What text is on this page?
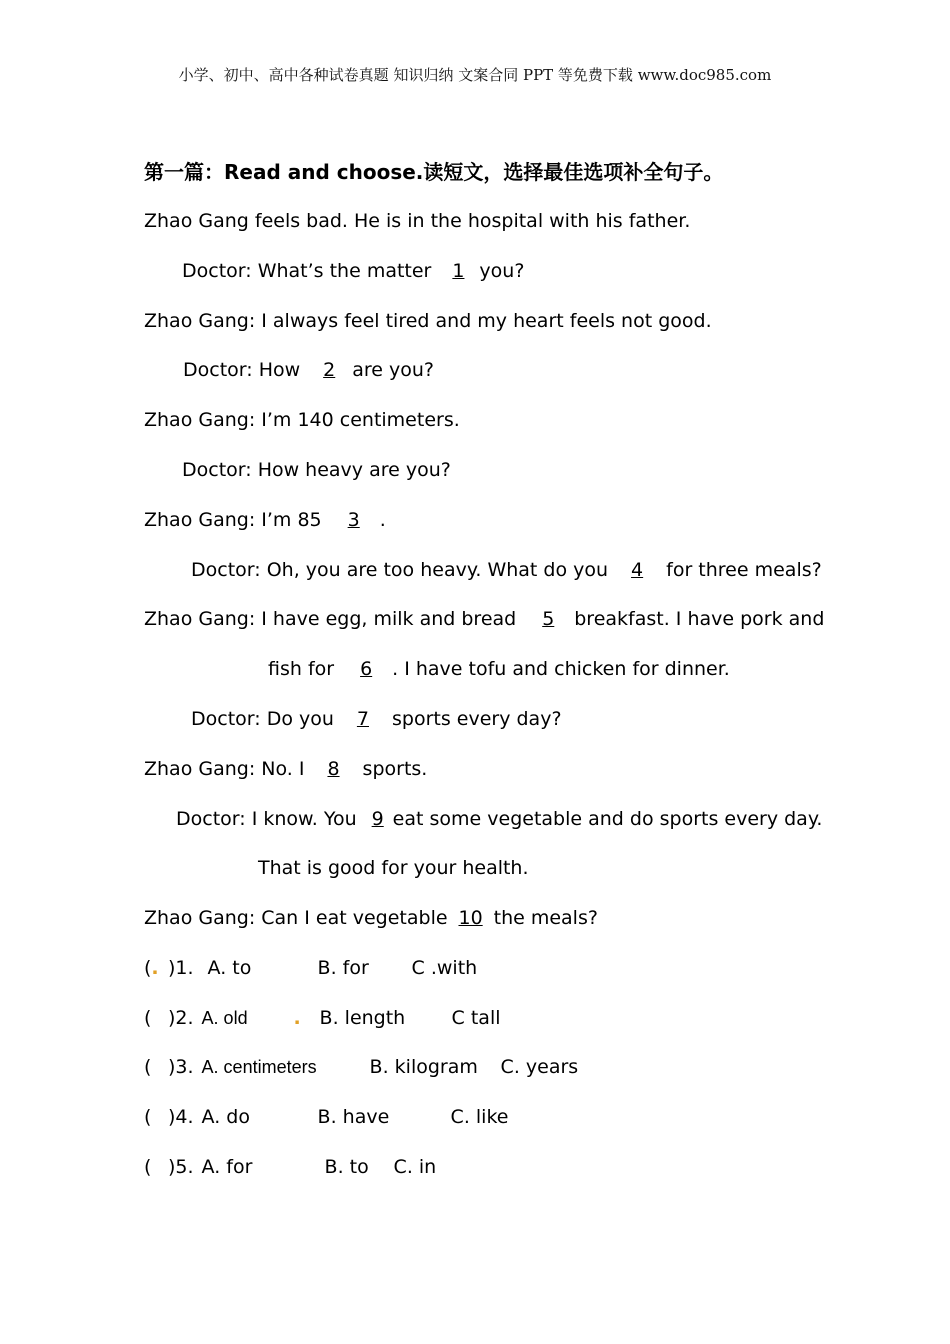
小学、初中、高中各种试卷真题 知识归纳 文案合同 PPT 等免费下载 www.doc985.com
第一篇：Read and choose.读短文，选择最佳选项补全句子。
Zhao Gang feels bad. He is in the hospital with his father.
Doctor: What’s the matter 1 you?
Zhao Gang: I always feel tired and my heart feels not good.
Doctor: How 2 are you?
Zhao Gang: I’m 140 centimeters.
Doctor: How heavy are you?
Zhao Gang: I’m 85 3 .
Doctor: Oh, you are too heavy. What do you 4 for three meals?
Zhao Gang: I have egg, milk and bread 5 breakfast. I have pork and
fish for 6 . I have tofu and chicken for dinner.
Doctor: Do you 7 sports every day?
Zhao Gang: No. I 8 sports.
Doctor: I know. You 9 eat some vegetable and do sports every day.
That is good for your health.
Zhao Gang: Can I eat vegetable 10 the meals?
(. )1. A. to	B. for C .with
( )2. A. old . B. length C tall
( )3. A. centimeters	B. kilogram C. years
( )4. A. do	B. have	C. like
( )5. A. for	B. to C. in
